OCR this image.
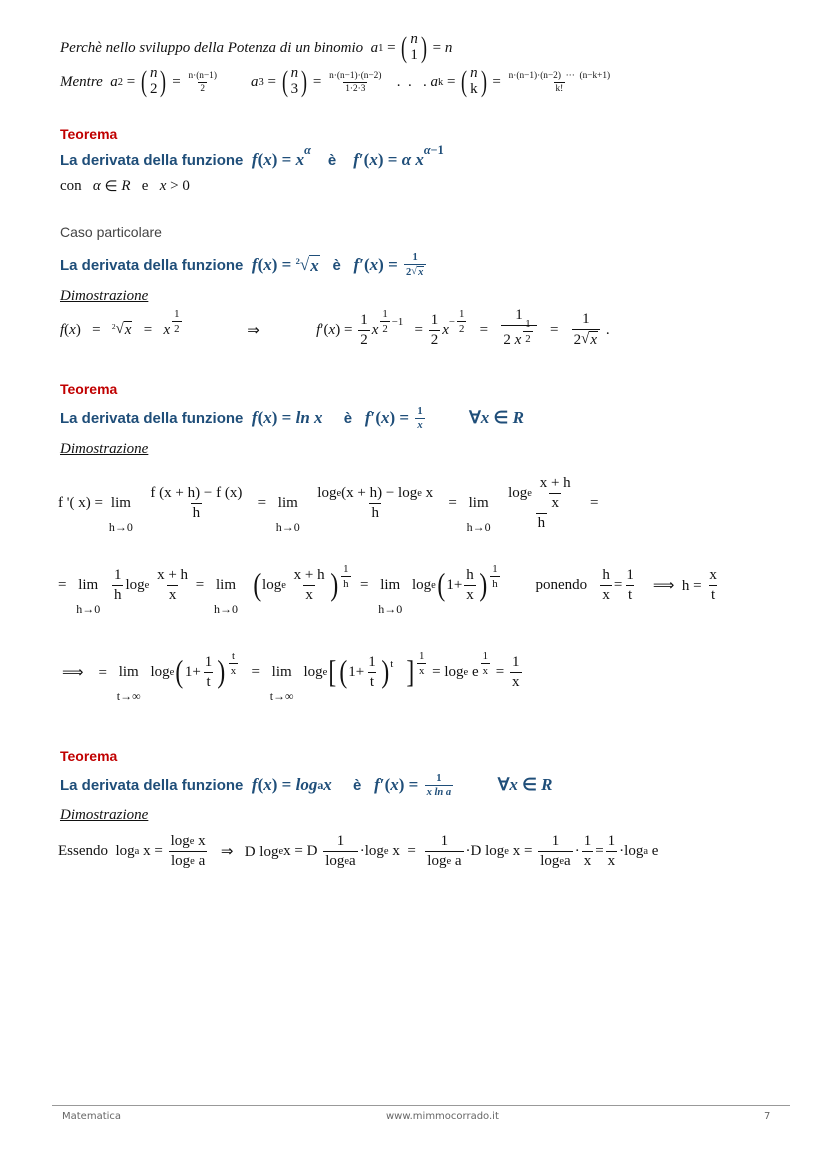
Perchè nello sviluppo della Potenza di un binomio a 1 = ( n
1 ) = n
Mentre a 2 = ( n
2 ) = $\frac{n\cdot(n-1)}{2}$
a 3 = ( n
3 ) = $\frac{n\cdot(n-1)\cdot(n-2)}{1\cdot 2\cdot 3}$ .  .   . a k = ( n
k ) = $\frac{n\cdot(n-1)\cdot(n-2) \cdot\cdot\cdot (n-k+1)}{k!}$
Teorema
La derivata della funzione
f ( x ) = x α

è
f ′( x ) = α x α −1
con α ∈ R e x > 0
Caso particolare
La derivata della funzione
f ( x ) = 2 √ x
è
f ′( x ) = $\frac{1}{2 √ x}$
Dimostrazione
f ( x )   = 2 √ x = x $\frac{1}{2}$ ⇒ f ′( x ) = $\frac{1}{2}$ x $\frac{1}{2} -1 = \frac{1}{2}$ $x - \frac{1}{2} = \frac{1}{2 x \frac{1}{2}} = \frac{1}{2 √ x}$ .
Teorema
La derivata della funzione
f ( x ) = ln x
è
f ′( x ) = $\frac{1}{x}$ ∀ x ∈ R
Dimostrazione
f '( x) = lim
h→0

$\frac{f (x + h) - f (x)}{h} = \lim$
h→0

$\frac{\text{log e (x + h) − log e x}}{h} = \lim$
h→0
log e
$\frac{x + h}{x}$
h =
= lim
h→0

$\frac{1}{h}$ log e
$\frac{x + h}{x} = \lim$
h→0

( log e
$\frac{x + h}{x}$ ) $\frac{1}{h} = \lim$
h→0
log e ( $1+ \frac{h}{x}$ ) $\frac{1}{h}$ ponendo $\frac{h}{x} = \frac{1}{t}$ ⟹  $h = \frac{x}{t}$
⟹    = lim
t→∞
log e ( $1+ \frac{1}{t}$ ) $\frac{t}{x} = \lim$
t→∞
log e [ ( $1+ \frac{1}{t}$ ) t
] $\frac{1}{x} = \log e$ e $\frac{1}{x} = \frac{1}{x}$
Teorema
La derivata della funzione
f ( x ) = log a x
è
f ′( x ) = $\frac{1}{\text{x ln a}}$ ∀ x ∈ R
Dimostrazione
Essendo  log a $x = \frac{\text{log e x}}{\text{log e a}}$ ⇒   D log e x = D $\frac{1}{\text{log e a}} \cdot\log$ e $x = \frac{1}{\text{log e a}} \cdot D$ log e $x = \frac{1}{\text{log e a}} \cdot \frac{1}{x} = \frac{1}{x} \cdot\log$ a e
Matematica	www.mimmocorrado.it	7
